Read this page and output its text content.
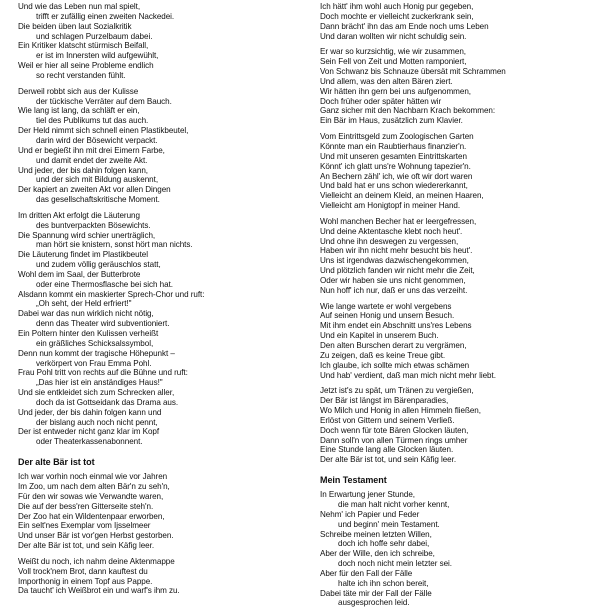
Und wie das Leben nun mal spielt,
trifft er zufällig einen zweiten Nackedei.
Die beiden üben laut Sozialkritik
und schlagen Purzelbaum dabei.
Ein Kritiker klatscht stürmisch Beifall,
er ist im Innersten wild aufgewühlt,
Weil er hier all seine Probleme endlich
so recht verstanden fühlt.
Derweil robbt sich aus der Kulisse
der tückische Verräter auf dem Bauch.
Wie lang ist lang, da schläft er ein,
tiel des Publikums tut das auch.
Der Held nimmt sich schnell einen Plastikbeutel,
darin wird der Bösewicht verpackt.
Und er begießt ihn mit drei Eimern Farbe,
und damit endet der zweite Akt.
Und jeder, der bis dahin folgen kann,
und der sich mit Bildung auskennt,
Der kapiert an zweiten Akt vor allen Dingen
das gesellschaftskritische Moment.
Im dritten Akt erfolgt die Läuterung
des buntverpackten Bösewichts.
Die Spannung wird schier unerträglich,
man hört sie knistern, sonst hört man nichts.
Die Läuterung findet im Plastikbeutel
und zudem völlig geräuschlos statt,
Wohl dem im Saal, der Butterbrote
oder eine Thermosflasche bei sich hat.
Alsdann kommt ein maskierter Sprech-Chor und ruft:
„Oh seht, der Held erfriert!"
Dabei war das nun wirklich nicht nötig,
denn das Theater wird subventioniert.
Ein Poltern hinter den Kulissen verheißt
ein gräßliches Schicksalssymbol,
Denn nun kommt der tragische Höhepunkt –
verkörpert von Frau Emma Pohl.
Frau Pohl tritt von rechts auf die Bühne und ruft:
„Das hier ist ein anständiges Haus!"
Und sie entkleidet sich zum Schrecken aller,
doch da ist Gottseidank das Drama aus.
Und jeder, der bis dahin folgen kann und
der bislang auch noch nicht pennt,
Der ist entweder nicht ganz klar im Kopf
oder Theaterkassenabonnent.
Der alte Bär ist tot
Ich war vorhin noch einmal wie vor Jahren
Im Zoo, um nach dem alten Bär'n zu seh'n,
Für den wir sowas wie Verwandte waren,
Die auf der bess'ren Gitterseite steh'n.
Der Zoo hat ein Wildentenpaar erworben,
Ein selt'nes Exemplar vom Ijsselmeer
Und unser Bär ist vor'gen Herbst gestorben.
Der alte Bär ist tot, und sein Käfig leer.
Weißt du noch, ich nahm deine Aktenmappe
Voll trock'nem Brot, dann kauftest du
Importhonig in einem Topf aus Pappe.
Da taucht' ich Weißbrot ein und warf's ihm zu.
Ich hätt' ihm wohl auch Honig pur gegeben,
Doch mochte er vielleicht zuckerkrank sein,
Dann brächt' ihn das am Ende noch ums Leben
Und daran wollten wir nicht schuldig sein.
Er war so kurzsichtig, wie wir zusammen,
Sein Fell von Zeit und Motten ramponiert,
Von Schwanz bis Schnauze übersät mit Schrammen
Und allem, was den alten Bären ziert.
Wir hätten ihn gern bei uns aufgenommen,
Doch früher oder später hätten wir
Ganz sicher mit den Nachbarn Krach bekommen:
Ein Bär im Haus, zusätzlich zum Klavier.
Vom Eintrittsgeld zum Zoologischen Garten
Könnte man ein Raubtierhaus finanzier'n.
Und mit unseren gesamten Eintrittskarten
Könnt' ich glatt uns're Wohnung tapezier'n.
An Bechern zähl' ich, wie oft wir dort waren
Und bald hat er uns schon wiedererkannt,
Vielleicht an deinem Kleid, an meinen Haaren,
Vielleicht am Honigtopf in meiner Hand.
Wohl manchen Becher hat er leergefressen,
Und deine Aktentasche klebt noch heut'.
Und ohne ihn deswegen zu vergessen,
Haben wir ihn nicht mehr besucht bis heut'.
Uns ist irgendwas dazwischengekommen,
Und plötzlich fanden wir nicht mehr die Zeit,
Oder wir haben sie uns nicht genommen,
Nun hoff' ich nur, daß er uns das verzeiht.
Wie lange wartete er wohl vergebens
Auf seinen Honig und unsern Besuch.
Mit ihm endet ein Abschnitt uns'res Lebens
Und ein Kapitel in unserem Buch.
Den alten Burschen derart zu vergrämen,
Zu zeigen, daß es keine Treue gibt.
Ich glaube, ich sollte mich etwas schämen
Und hab' verdient, daß man mich nicht mehr liebt.
Jetzt ist's zu spät, um Tränen zu vergießen,
Der Bär ist längst im Bärenparadies,
Wo Milch und Honig in allen Himmeln fließen,
Erlöst von Gittern und seinem Verließ.
Doch wenn für tote Bären Glocken läuten,
Dann soll'n von allen Türmen rings umher
Eine Stunde lang alle Glocken läuten.
Der alte Bär ist tot, und sein Käfig leer.
Mein Testament
In Erwartung jener Stunde,
die man halt nicht vorher kennt,
Nehm' ich Papier und Feder
und beginn' mein Testament.
Schreibe meinen letzten Willen,
doch ich hoffe sehr dabei,
Aber der Wille, den ich schreibe,
doch noch nicht mein letzter sei.
Aber für den Fall der Fälle
halte ich ihn schon bereit,
Dabei täte mir der Fall der Fälle
ausgesprochen leid.
